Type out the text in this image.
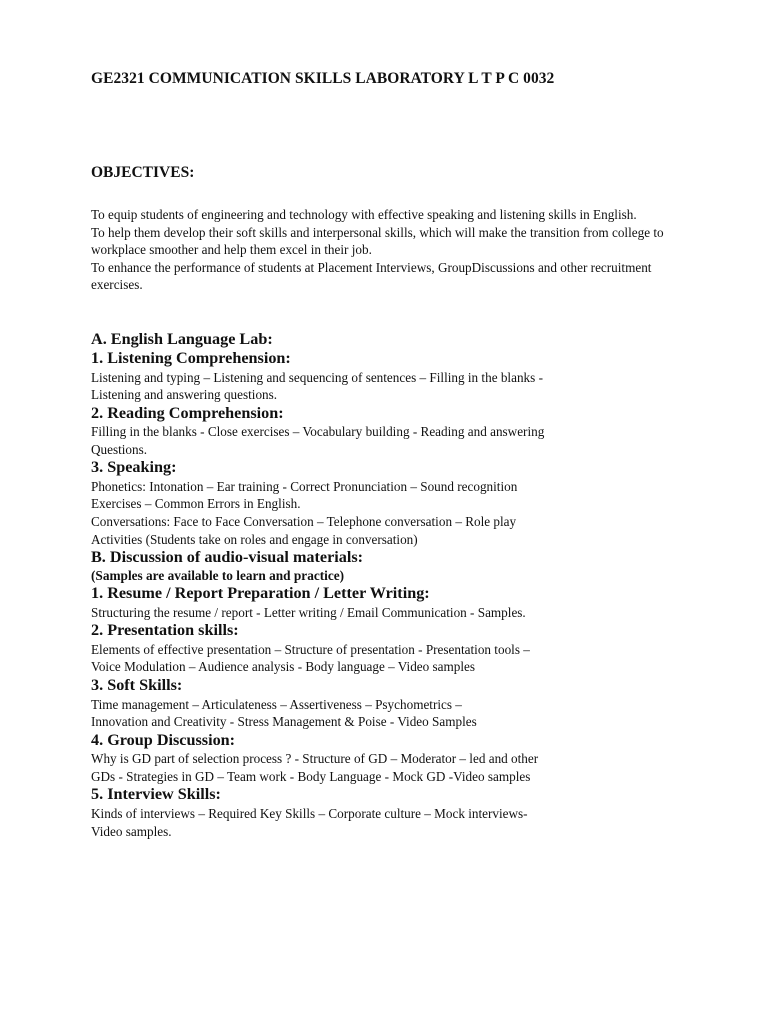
GE2321 COMMUNICATION SKILLS LABORATORY L T P C 0032
OBJECTIVES:

To equip students of engineering and technology with effective speaking and listening skills in English.

To help them develop their soft skills and interpersonal skills, which will make the transition from college to workplace smoother and help them excel in their job.

To enhance the performance of students at Placement Interviews, GroupDiscussions and other recruitment exercises.

A. English Language Lab:
1. Listening Comprehension:

Listening and typing – Listening and sequencing of sentences – Filling in the blanks -

Listening and answering questions.

2. Reading Comprehension:

Filling in the blanks - Close exercises – Vocabulary building - Reading and answering

Questions.

3. Speaking:

Phonetics: Intonation – Ear training - Correct Pronunciation – Sound recognition

Exercises – Common Errors in English.

Conversations: Face to Face Conversation – Telephone conversation – Role play

Activities (Students take on roles and engage in conversation)

B. Discussion of audio-visual materials:
(Samples are available to learn and practice)
1. Resume / Report Preparation / Letter Writing:

Structuring the resume / report - Letter writing / Email Communication - Samples.

2. Presentation skills:

Elements of effective presentation – Structure of presentation - Presentation tools –

Voice Modulation – Audience analysis - Body language – Video samples

3. Soft Skills:

Time management – Articulateness – Assertiveness – Psychometrics –

Innovation and Creativity - Stress Management & Poise - Video Samples

4. Group Discussion:

Why is GD part of selection process ? - Structure of GD – Moderator – led and other

GDs - Strategies in GD – Team work - Body Language - Mock GD -Video samples

5. Interview Skills:

Kinds of interviews – Required Key Skills – Corporate culture – Mock interviews-

Video samples.
